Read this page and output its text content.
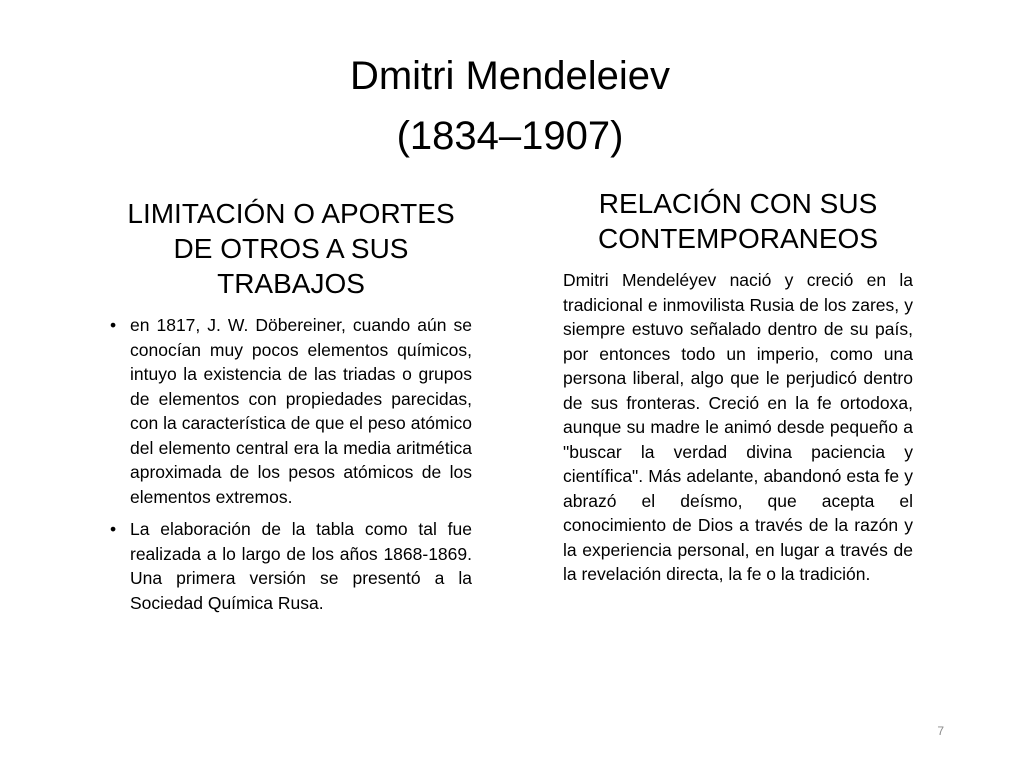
Dmitri Mendeleiev
(1834–1907)
LIMITACIÓN O APORTES DE OTROS A SUS TRABAJOS
• en 1817, J. W. Döbereiner, cuando aún se conocían muy pocos elementos químicos, intuyo la existencia de las triadas o grupos de elementos con propiedades parecidas, con la característica de que el peso atómico del elemento central era la media aritmética aproximada de los pesos atómicos de los elementos extremos.
• La elaboración de la tabla como tal fue realizada a lo largo de los años 1868-1869. Una primera versión se presentó a la Sociedad Química Rusa.
RELACIÓN CON SUS CONTEMPORANEOS

Dmitri Mendeléyev nació y creció en la tradicional e inmovilista Rusia de los zares, y siempre estuvo señalado dentro de su país, por entonces todo un imperio, como una persona liberal, algo que le perjudicó dentro de sus fronteras. Creció en la fe ortodoxa, aunque su madre le animó desde pequeño a "buscar la verdad divina paciencia y científica". Más adelante, abandonó esta fe y abrazó el deísmo, que acepta el conocimiento de Dios a través de la razón y la experiencia personal, en lugar a través de la revelación directa, la fe o la tradición.

7
